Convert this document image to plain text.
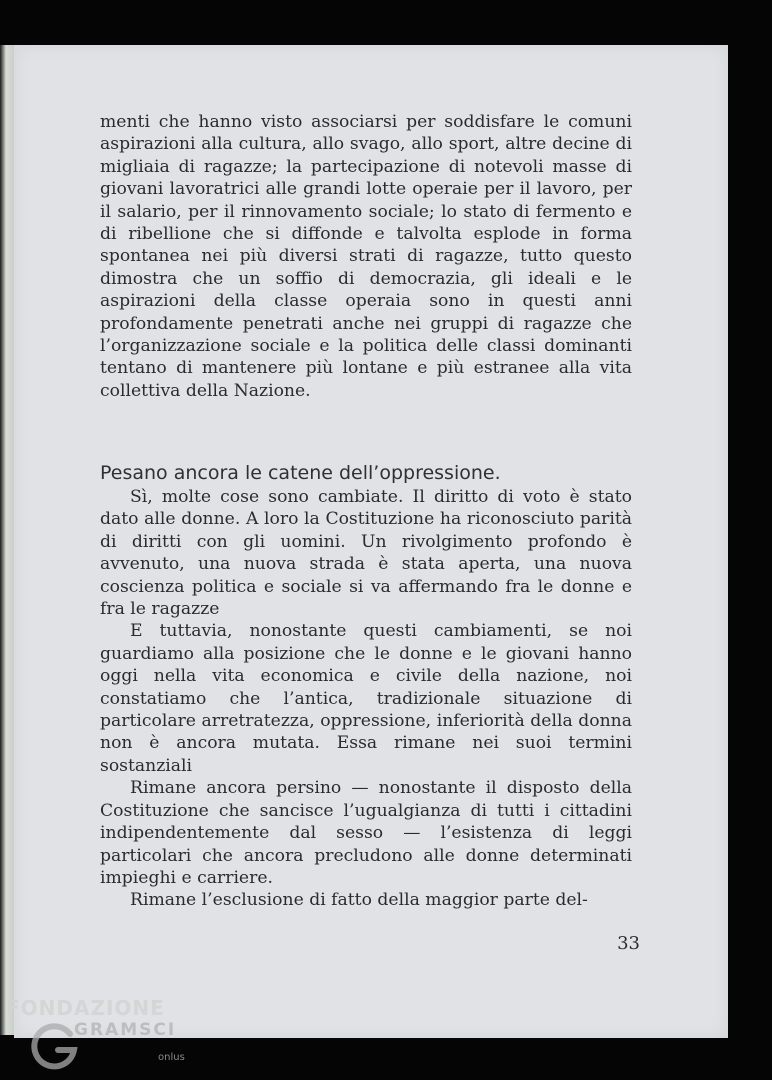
menti che hanno visto associarsi per soddisfare le comuni aspirazioni alla cultura, allo svago, allo sport, altre decine di migliaia di ragazze; la partecipazione di notevoli masse di giovani lavoratrici alle grandi lotte operaie per il lavoro, per il salario, per il rinnovamento sociale; lo stato di fermento e di ribellione che si diffonde e talvolta esplode in forma spontanea nei più diversi strati di ragazze, tutto questo dimostra che un soffio di democrazia, gli ideali e le aspirazioni della classe operaia sono in questi anni profondamente penetrati anche nei gruppi di ragazze che l’organizzazione sociale e la politica delle classi dominanti tentano di mantenere più lontane e più estranee alla vita collettiva della Nazione.

Pesano ancora le catene dell’oppressione.

Sì, molte cose sono cambiate. Il diritto di voto è stato dato alle donne. A loro la Costituzione ha riconosciuto parità di diritti con gli uomini. Un rivolgimento profondo è avvenuto, una nuova strada è stata aperta, una nuova coscienza politica e sociale si va affermando fra le donne e fra le ragazze

E tuttavia, nonostante questi cambiamenti, se noi guardiamo alla posizione che le donne e le giovani hanno oggi nella vita economica e civile della nazione, noi constatiamo che l’antica, tradizionale situazione di particolare arretratezza, oppressione, inferiorità della donna non è ancora mutata. Essa rimane nei suoi termini sostanziali

Rimane ancora persino — nonostante il disposto della Costituzione che sancisce l’ugualgianza di tutti i cittadini indipendentemente dal sesso — l’esistenza di leggi particolari che ancora precludono alle donne determinati impieghi e carriere.

Rimane l’esclusione di fatto della maggior parte del-

33
FONDAZIONE
GRAMSCI
onlus
